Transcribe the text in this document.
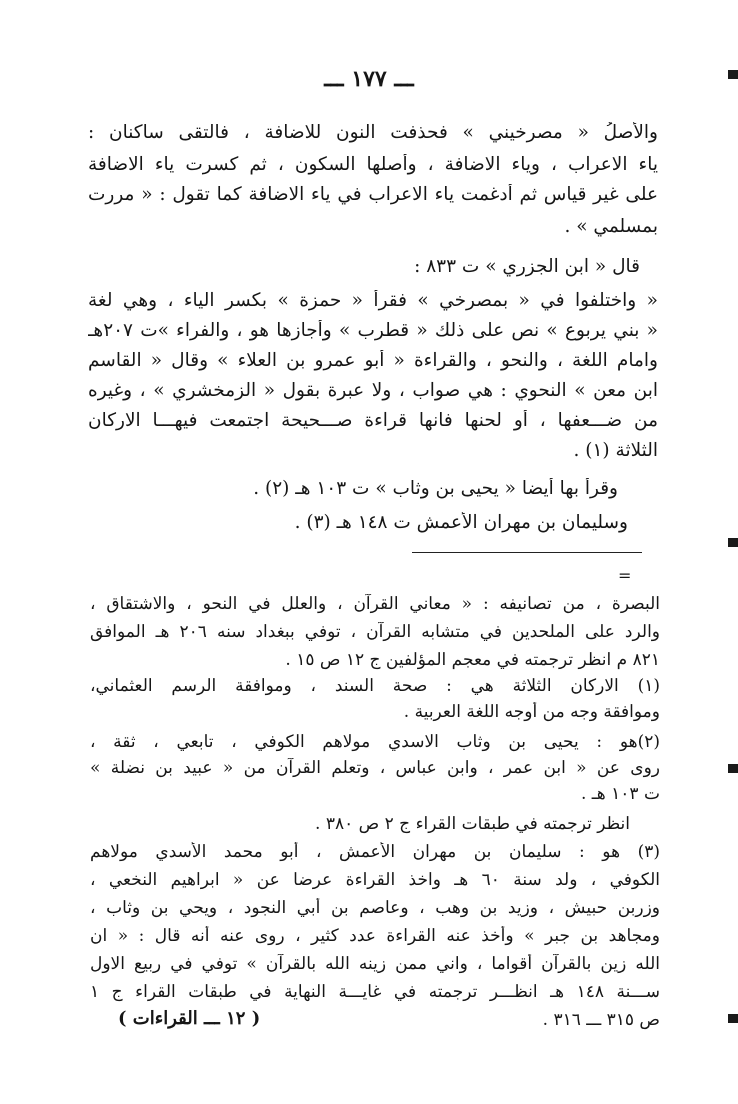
ـــ ١٧٧ ـــ
والأصلُ « مصرخيني » فحذفت النون للاضافة ، فالتقى ساكنان :
ياء الاعراب ، وياء الاضافة ، وأصلها السكون ، ثم كسرت ياء الاضافة
على غير قياس ثم أدغمت ياء الاعراب في ياء الاضافة كما تقول : « مررت
بمسلمي » .
قال « ابن الجزري » ت ٨٣٣ :
« واختلفوا في « بمصرخي » فقرأ « حمزة » بكسر الياء ، وهي لغة
« بني يربوع » نص على ذلك « قطرب » وأجازها هو ، والفراء »ت ٢٠٧هـ
وامام اللغة ، والنحو ، والقراءة « أبو عمرو بن العلاء » وقال « القاسم
ابن معن » النحوي : هي صواب ، ولا عبرة بقول « الزمخشري » ، وغيره
من ضـــعفها ، أو لحنها فانها قراءة صـــحيحة اجتمعت فيهـــا الاركان
الثلاثة (١) .
وقرأ بها أيضا « يحيى بن وثاب » ت ١٠٣ هـ (٢) .
وسليمان بن مهران الأعمش ت ١٤٨ هـ (٣) .
=
البصرة ، من تصانيفه : « معاني القرآن ، والعلل في النحو ، والاشتقاق ،
والرد على الملحدين في متشابه القرآن ، توفي ببغداد سنه ٢٠٦ هـ الموافق
٨٢١ م انظر ترجمته في معجم المؤلفين ج ١٢ ص ١٥ .
(١) الاركان الثلاثة هي : صحة السند ، وموافقة الرسم العثماني،
وموافقة وجه من أوجه اللغة العربية .
(٢)هو : يحيى بن وثاب الاسدي مولاهم الكوفي ، تابعي ، ثقة ،
روى عن « ابن عمر ، وابن عباس ، وتعلم القرآن من « عبيد بن نضلة »
ت ١٠٣ هـ .
انظر ترجمته في طبقات القراء ج ٢ ص ٣٨٠ .
(٣) هو : سليمان بن مهران الأعمش ، أبو محمد الأسدي مولاهم
الكوفي ، ولد سنة ٦٠ هـ واخذ القراءة عرضا عن « ابراهيم النخعي ،
وزربن حبيش ، وزيد بن وهب ، وعاصم بن أبي النجود ، ويحي بن وثاب ،
ومجاهد بن جبر » وأخذ عنه القراءة عدد كثير ، روى عنه أنه قال : « ان
الله زين بالقرآن أقواما ، واني ممن زينه الله بالقرآن » توفي في ربيع الاول
ســـنة ١٤٨ هـ انظـــر ترجمته في غايـــة النهاية في طبقات القراء ج ١
ص ٣١٥ ـــ ٣١٦ .
( ١٢ ـــ القراءات )
